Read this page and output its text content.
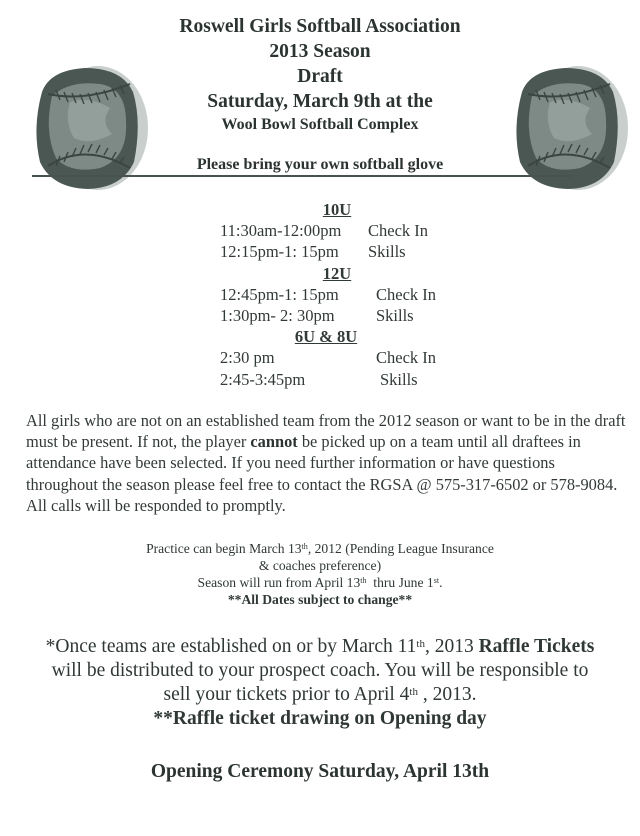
Roswell Girls Softball Association
2013 Season
Draft
Saturday, March 9th at the
Wool Bowl Softball Complex
Please bring your own softball glove
10U
11:30am-12:00pm	Check In
12:15pm-1: 15pm	Skills
12U
12:45pm-1: 15pm	Check In
1:30pm- 2: 30pm	Skills
6U & 8U
2:30 pm	Check In
2:45-3:45pm	Skills
All girls who are not on an established team from the 2012 season or want to be in the draft must be present. If not, the player cannot be picked up on a team until all draftees in attendance have been selected. If you need further information or have questions throughout the season please feel free to contact the RGSA @ 575-317-6502 or 578-9084. All calls will be responded to promptly.
Practice can begin March 13th, 2012 (Pending League Insurance
& coaches preference)
Season will run from April 13th  thru June 1st.
**All Dates subject to change**
*Once teams are established on or by March 11th, 2013 Raffle Tickets will be distributed to your prospect coach. You will be responsible to sell your tickets prior to April 4th , 2013.
**Raffle ticket drawing on Opening day
Opening Ceremony Saturday, April 13th
